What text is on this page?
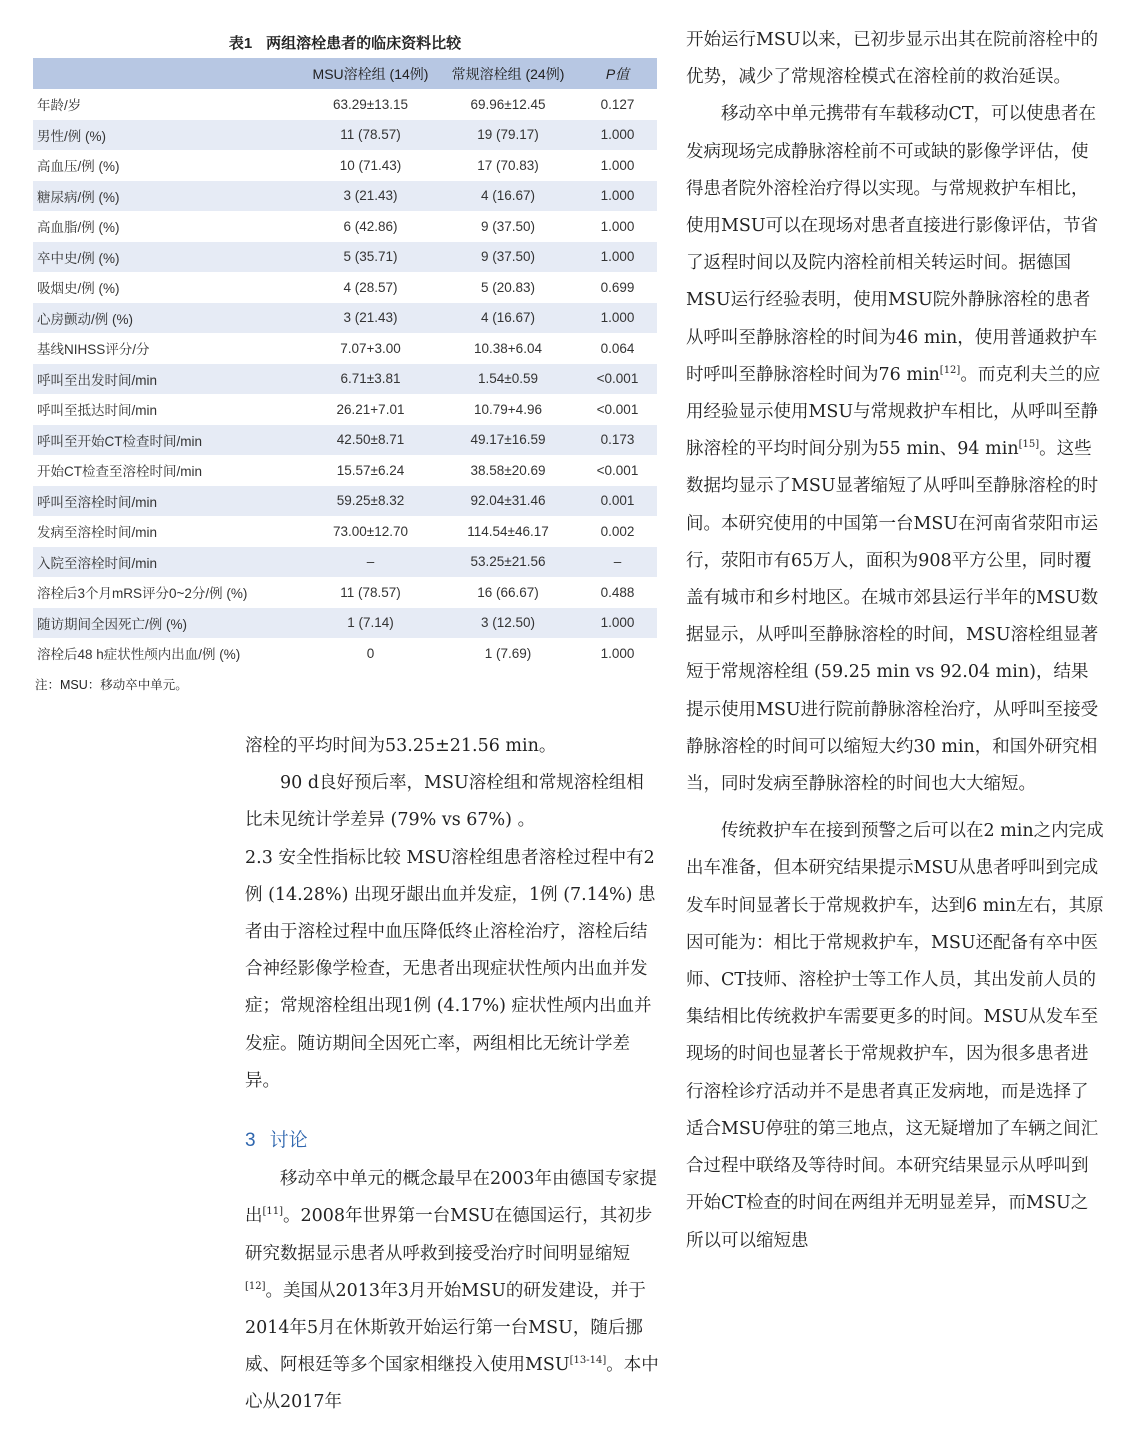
表1 两组溶栓患者的临床资料比较
	MSU溶栓组 (14例)	常规溶栓组 (24例)	P值
年龄/岁	63.29±13.15	69.96±12.45	0.127
男性/例 (%)	11 (78.57)	19 (79.17)	1.000
高血压/例 (%)	10 (71.43)	17 (70.83)	1.000
糖尿病/例 (%)	3 (21.43)	4 (16.67)	1.000
高血脂/例 (%)	6 (42.86)	9 (37.50)	1.000
卒中史/例 (%)	5 (35.71)	9 (37.50)	1.000
吸烟史/例 (%)	4 (28.57)	5 (20.83)	0.699
心房颤动/例 (%)	3 (21.43)	4 (16.67)	1.000
基线NIHSS评分/分	7.07+3.00	10.38+6.04	0.064
呼叫至出发时间/min	6.71±3.81	1.54±0.59	<0.001
呼叫至抵达时间/min	26.21+7.01	10.79+4.96	<0.001
呼叫至开始CT检查时间/min	42.50±8.71	49.17±16.59	0.173
开始CT检查至溶栓时间/min	15.57±6.24	38.58±20.69	<0.001
呼叫至溶栓时间/min	59.25±8.32	92.04±31.46	0.001
发病至溶栓时间/min	73.00±12.70	114.54±46.17	0.002
入院至溶栓时间/min	–	53.25±21.56	–
溶栓后3个月mRS评分0~2分/例 (%)	11 (78.57)	16 (66.67)	0.488
随访期间全因死亡/例 (%)	1 (7.14)	3 (12.50)	1.000
溶栓后48 h症状性颅内出血/例 (%)	0	1 (7.69)	1.000
注：MSU：移动卒中单元。

溶栓的平均时间为53.25±21.56 min。

90 d良好预后率，MSU溶栓组和常规溶栓组相比未见统计学差异 (79% vs 67%) 。

2.3 安全性指标比较 MSU溶栓组患者溶栓过程中有2例 (14.28%) 出现牙龈出血并发症，1例 (7.14%) 患者由于溶栓过程中血压降低终止溶栓治疗，溶栓后结合神经影像学检查，无患者出现症状性颅内出血并发症；常规溶栓组出现1例 (4.17%) 症状性颅内出血并发症。随访期间全因死亡率，两组相比无统计学差异。

3 讨论

移动卒中单元的概念最早在2003年由德国专家提出[11]。2008年世界第一台MSU在德国运行，其初步研究数据显示患者从呼救到接受治疗时间明显缩短[12]。美国从2013年3月开始MSU的研发建设，并于2014年5月在休斯敦开始运行第一台MSU，随后挪威、阿根廷等多个国家相继投入使用MSU[13-14]。本中心从2017年

开始运行MSU以来，已初步显示出其在院前溶栓中的优势，减少了常规溶栓模式在溶栓前的救治延误。

移动卒中单元携带有车载移动CT，可以使患者在发病现场完成静脉溶栓前不可或缺的影像学评估，使得患者院外溶栓治疗得以实现。与常规救护车相比，使用MSU可以在现场对患者直接进行影像评估，节省了返程时间以及院内溶栓前相关转运时间。据德国MSU运行经验表明，使用MSU院外静脉溶栓的患者从呼叫至静脉溶栓的时间为46 min，使用普通救护车时呼叫至静脉溶栓时间为76 min[12]。而克利夫兰的应用经验显示使用MSU与常规救护车相比，从呼叫至静脉溶栓的平均时间分别为55 min、94 min[15]。这些数据均显示了MSU显著缩短了从呼叫至静脉溶栓的时间。本研究使用的中国第一台MSU在河南省荥阳市运行，荥阳市有65万人，面积为908平方公里，同时覆盖有城市和乡村地区。在城市郊县运行半年的MSU数据显示，从呼叫至静脉溶栓的时间，MSU溶栓组显著短于常规溶栓组 (59.25 min vs 92.04 min)，结果提示使用MSU进行院前静脉溶栓治疗，从呼叫至接受静脉溶栓的时间可以缩短大约30 min，和国外研究相当，同时发病至静脉溶栓的时间也大大缩短。

传统救护车在接到预警之后可以在2 min之内完成出车准备，但本研究结果提示MSU从患者呼叫到完成发车时间显著长于常规救护车，达到6 min左右，其原因可能为：相比于常规救护车，MSU还配备有卒中医师、CT技师、溶栓护士等工作人员，其出发前人员的集结相比传统救护车需要更多的时间。MSU从发车至现场的时间也显著长于常规救护车，因为很多患者进行溶栓诊疗活动并不是患者真正发病地，而是选择了适合MSU停驻的第三地点，这无疑增加了车辆之间汇合过程中联络及等待时间。本研究结果显示从呼叫到开始CT检查的时间在两组并无明显差异，而MSU之所以可以缩短患
